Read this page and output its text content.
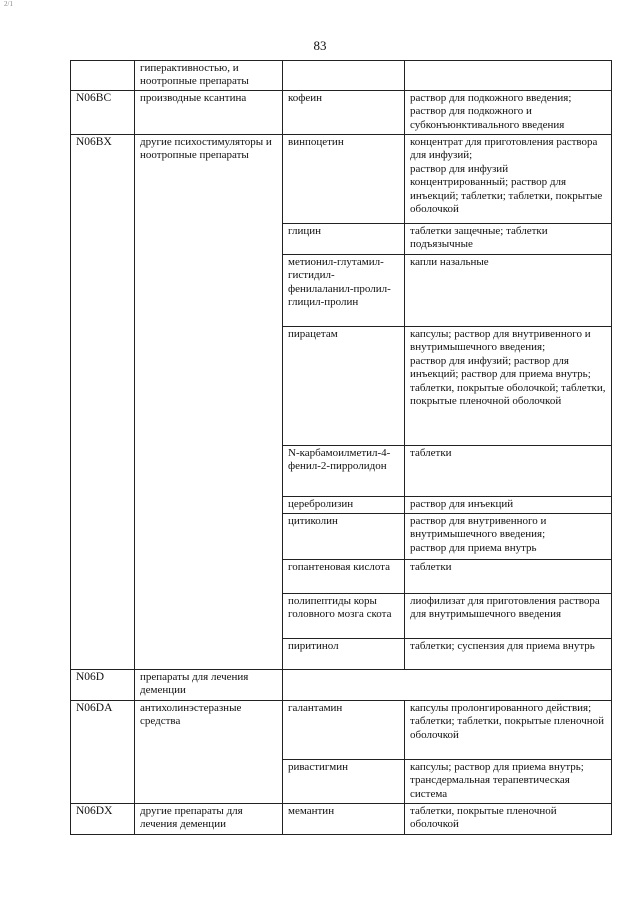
2/1
83
	гиперактивностью, и ноотропные препараты		
N06BC	производные ксантина	кофеин	раствор для подкожного введения;
раствор для подкожного и субконъюнктивального введения

N06BX	другие психостимуляторы и ноотропные препараты	винпоцетин	концентрат для приготовления раствора для инфузий;
раствор для инфузий концентрированный; раствор для инъекций; таблетки; таблетки, покрытые оболочкой

		глицин	таблетки защечные; таблетки подъязычные

		метионил-глутамил-гистидил-фенилаланил-пролил-глицил-пролин	капли назальные

		пирацетам	капсулы; раствор для внутривенного и внутримышечного введения;
раствор для инфузий; раствор для инъекций; раствор для приема внутрь; таблетки, покрытые оболочкой; таблетки, покрытые пленочной оболочкой

		N-карбамоилметил-4-фенил-2-пирролидон	таблетки

		церебролизин	раствор для инъекций

		цитиколин	раствор для внутривенного и внутримышечного введения;
раствор для приема внутрь

		гопантеновая кислота	таблетки

		полипептиды коры головного мозга скота	лиофилизат для приготовления раствора для внутримышечного введения

		пиритинол	таблетки; суспензия для приема внутрь

N06D	препараты для лечения деменции		
N06DA	антихолинэстеразные средства	галантамин	капсулы пролонгированного действия;
таблетки; таблетки, покрытые пленочной оболочкой

		ривастигмин	капсулы; раствор для приема внутрь; трансдермальная терапевтическая система

N06DX	другие препараты для лечения деменции	мемантин	таблетки, покрытые пленочной оболочкой
